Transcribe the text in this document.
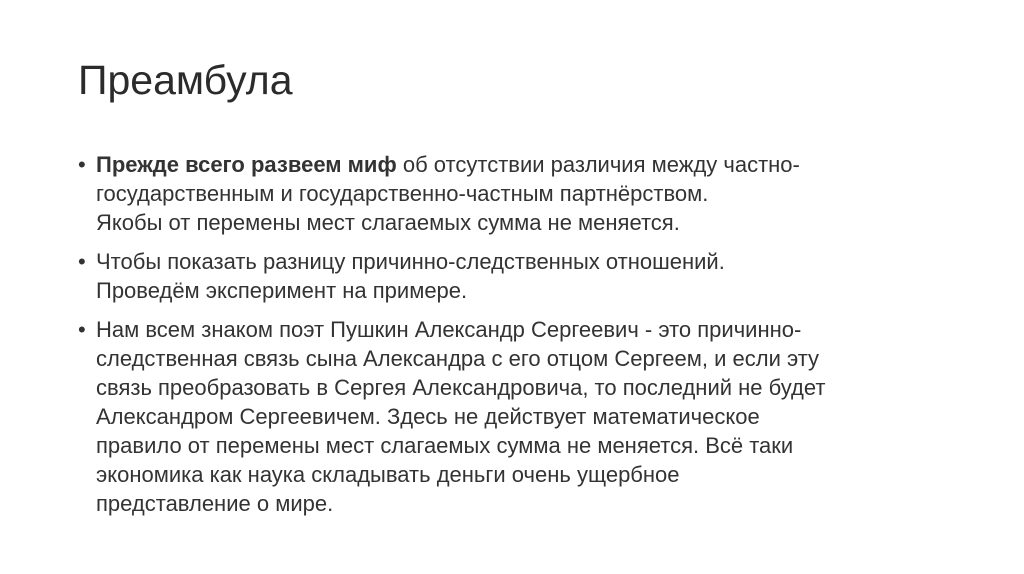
Преамбула
• Прежде всего развеем миф об отсутствии различия между частно-
государственным и государственно-частным партнёрством.
Якобы от перемены мест слагаемых сумма не меняется.
• Чтобы показать разницу причинно-следственных отношений.
Проведём эксперимент на примере.
• Нам всем знаком поэт Пушкин Александр Сергеевич - это причинно-
следственная связь сына Александра с его отцом Сергеем, и если эту
связь преобразовать в Сергея Александровича, то последний не будет
Александром Сергеевичем. Здесь не действует математическое
правило от перемены мест слагаемых сумма не меняется. Всё таки
экономика как наука складывать деньги очень ущербное
представление о мире.
